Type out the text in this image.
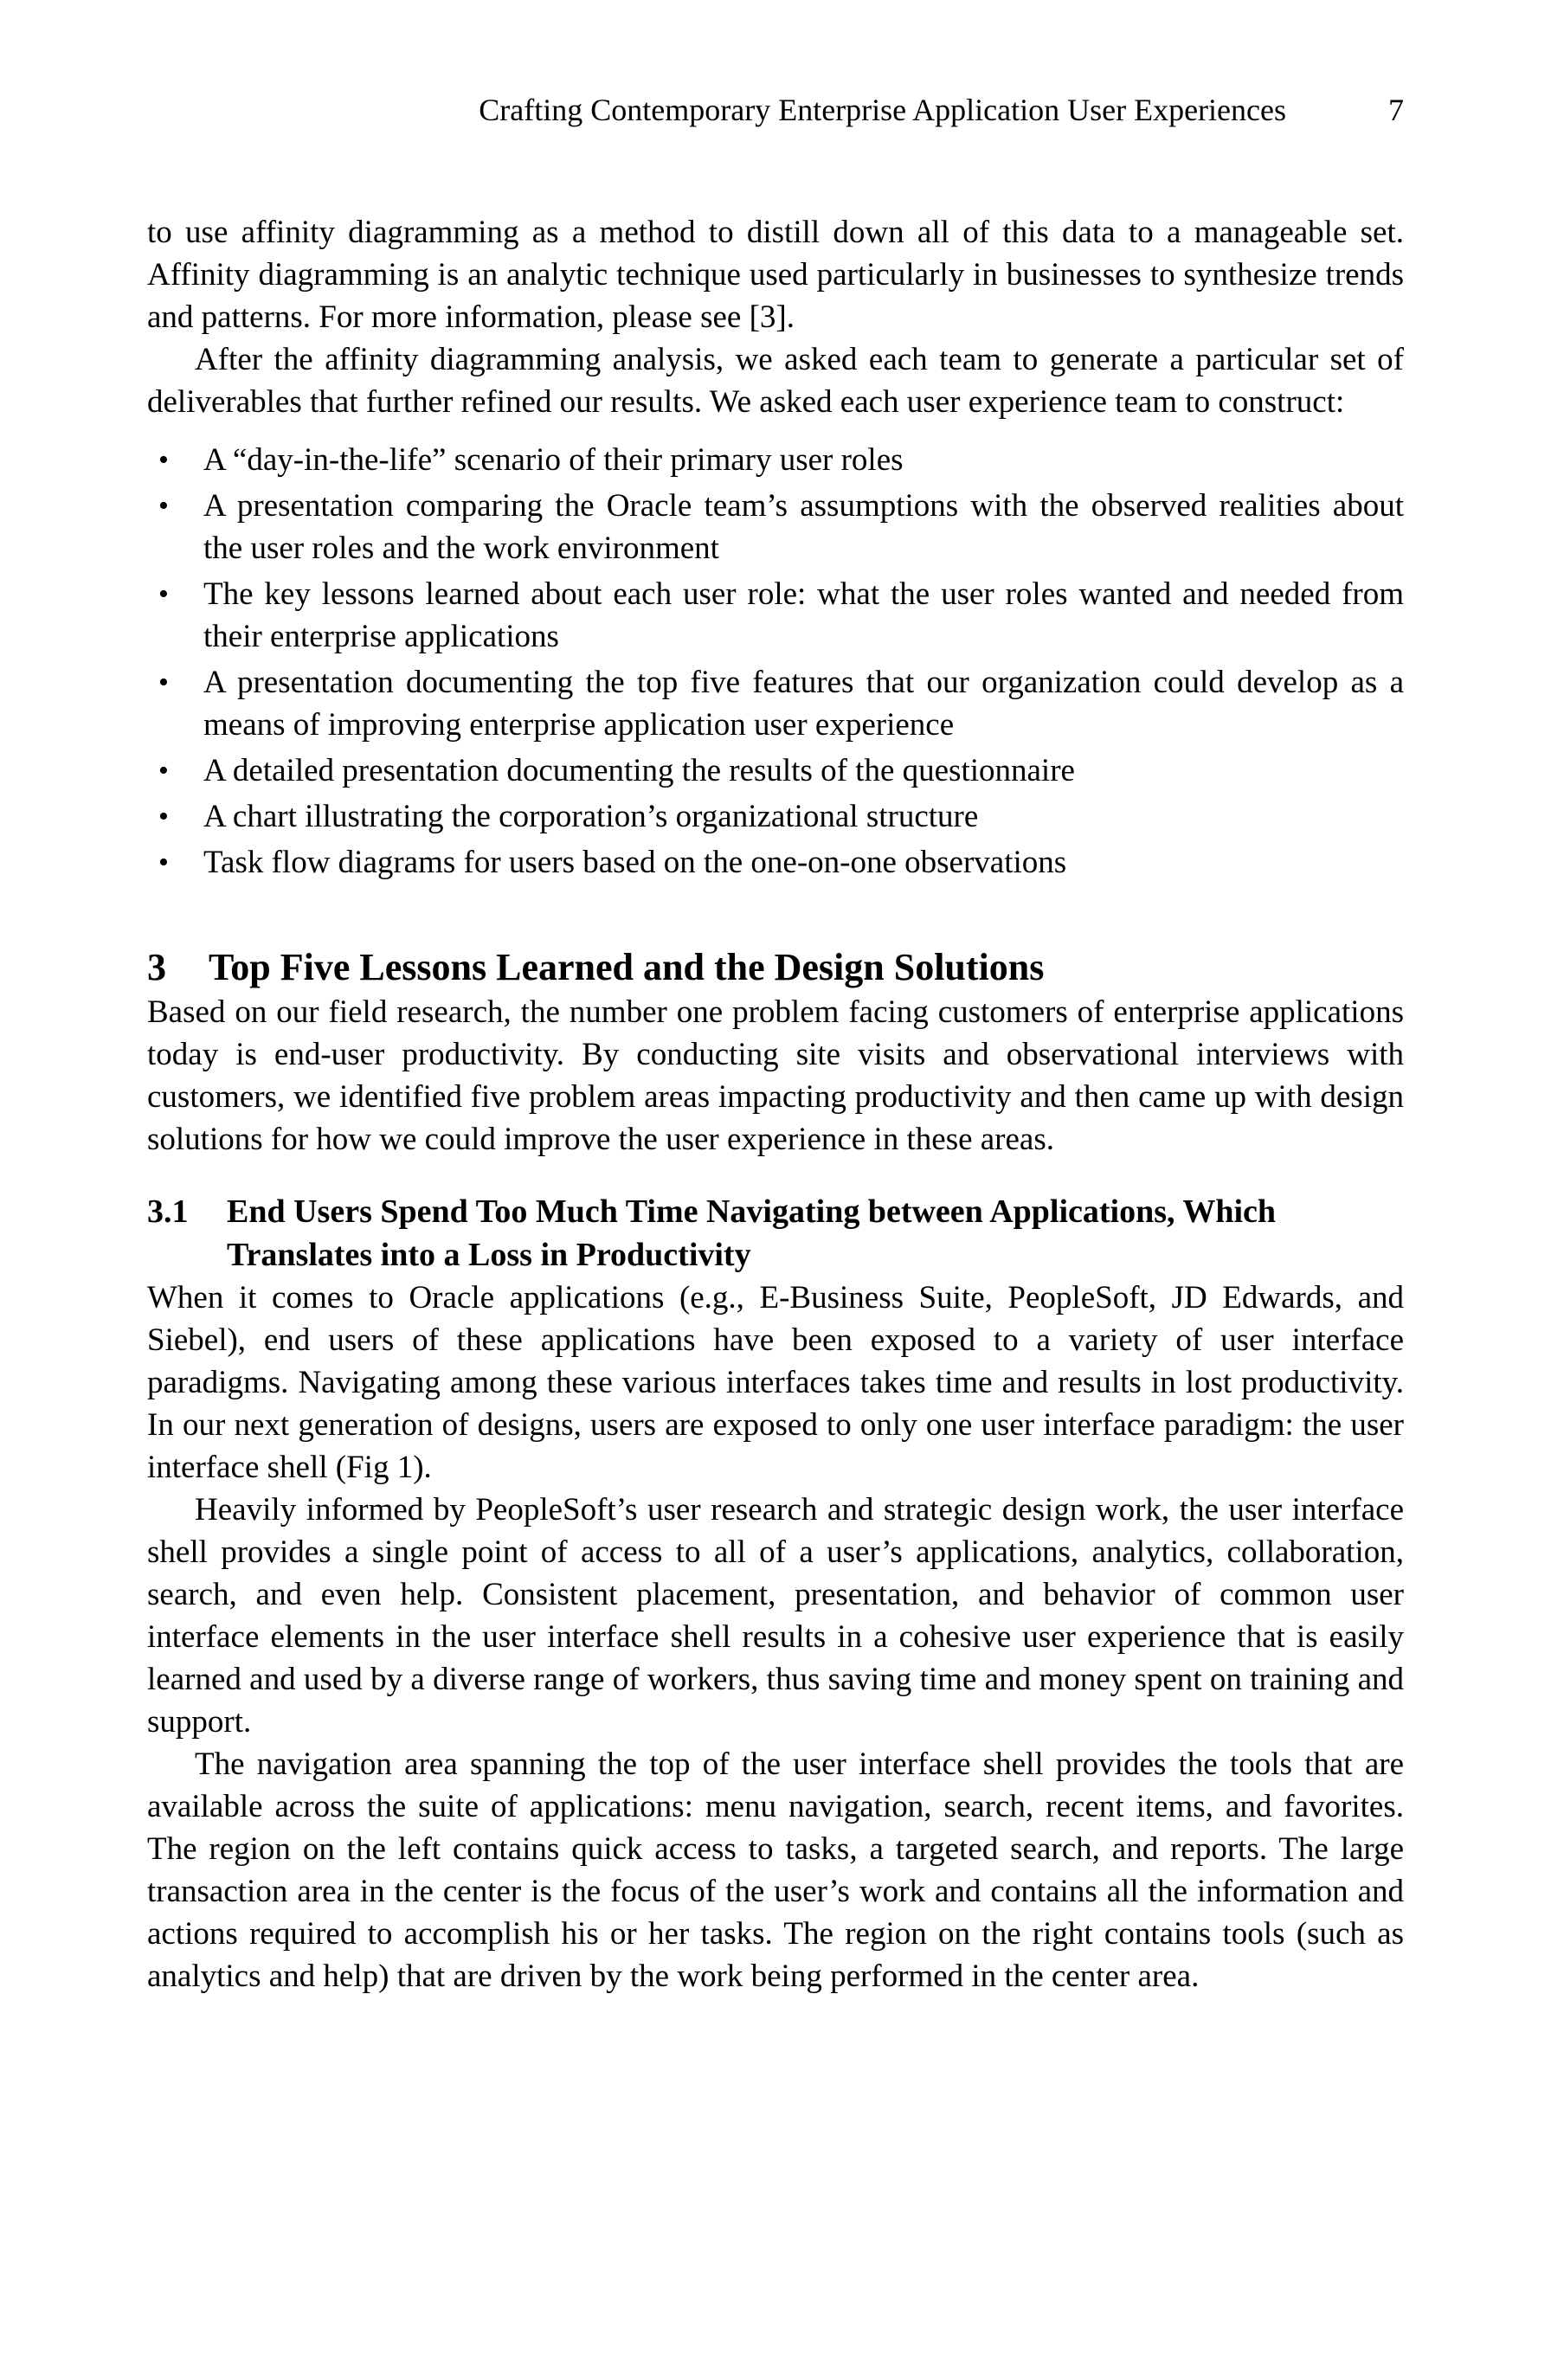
Crafting Contemporary Enterprise Application User Experiences	7

to use affinity diagramming as a method to distill down all of this data to a manageable set. Affinity diagramming is an analytic technique used particularly in businesses to synthesize trends and patterns. For more information, please see [3].

After the affinity diagramming analysis, we asked each team to generate a particular set of deliverables that further refined our results. We asked each user experience team to construct:

• A “day-in-the-life” scenario of their primary user roles
• A presentation comparing the Oracle team’s assumptions with the observed realities about the user roles and the work environment
• The key lessons learned about each user role: what the user roles wanted and needed from their enterprise applications
• A presentation documenting the top five features that our organization could develop as a means of improving enterprise application user experience
• A detailed presentation documenting the results of the questionnaire
• A chart illustrating the corporation’s organizational structure
• Task flow diagrams for users based on the one-on-one observations
3	Top Five Lessons Learned and the Design Solutions

Based on our field research, the number one problem facing customers of enterprise applications today is end-user productivity. By conducting site visits and observational interviews with customers, we identified five problem areas impacting productivity and then came up with design solutions for how we could improve the user experience in these areas.

3.1	End Users Spend Too Much Time Navigating between Applications, Which Translates into a Loss in Productivity

When it comes to Oracle applications (e.g., E-Business Suite, PeopleSoft, JD Edwards, and Siebel), end users of these applications have been exposed to a variety of user interface paradigms. Navigating among these various interfaces takes time and results in lost productivity. In our next generation of designs, users are exposed to only one user interface paradigm: the user interface shell (Fig 1).

Heavily informed by PeopleSoft’s user research and strategic design work, the user interface shell provides a single point of access to all of a user’s applications, analytics, collaboration, search, and even help. Consistent placement, presentation, and behavior of common user interface elements in the user interface shell results in a cohesive user experience that is easily learned and used by a diverse range of workers, thus saving time and money spent on training and support.

The navigation area spanning the top of the user interface shell provides the tools that are available across the suite of applications: menu navigation, search, recent items, and favorites. The region on the left contains quick access to tasks, a targeted search, and reports. The large transaction area in the center is the focus of the user’s work and contains all the information and actions required to accomplish his or her tasks. The region on the right contains tools (such as analytics and help) that are driven by the work being performed in the center area.
